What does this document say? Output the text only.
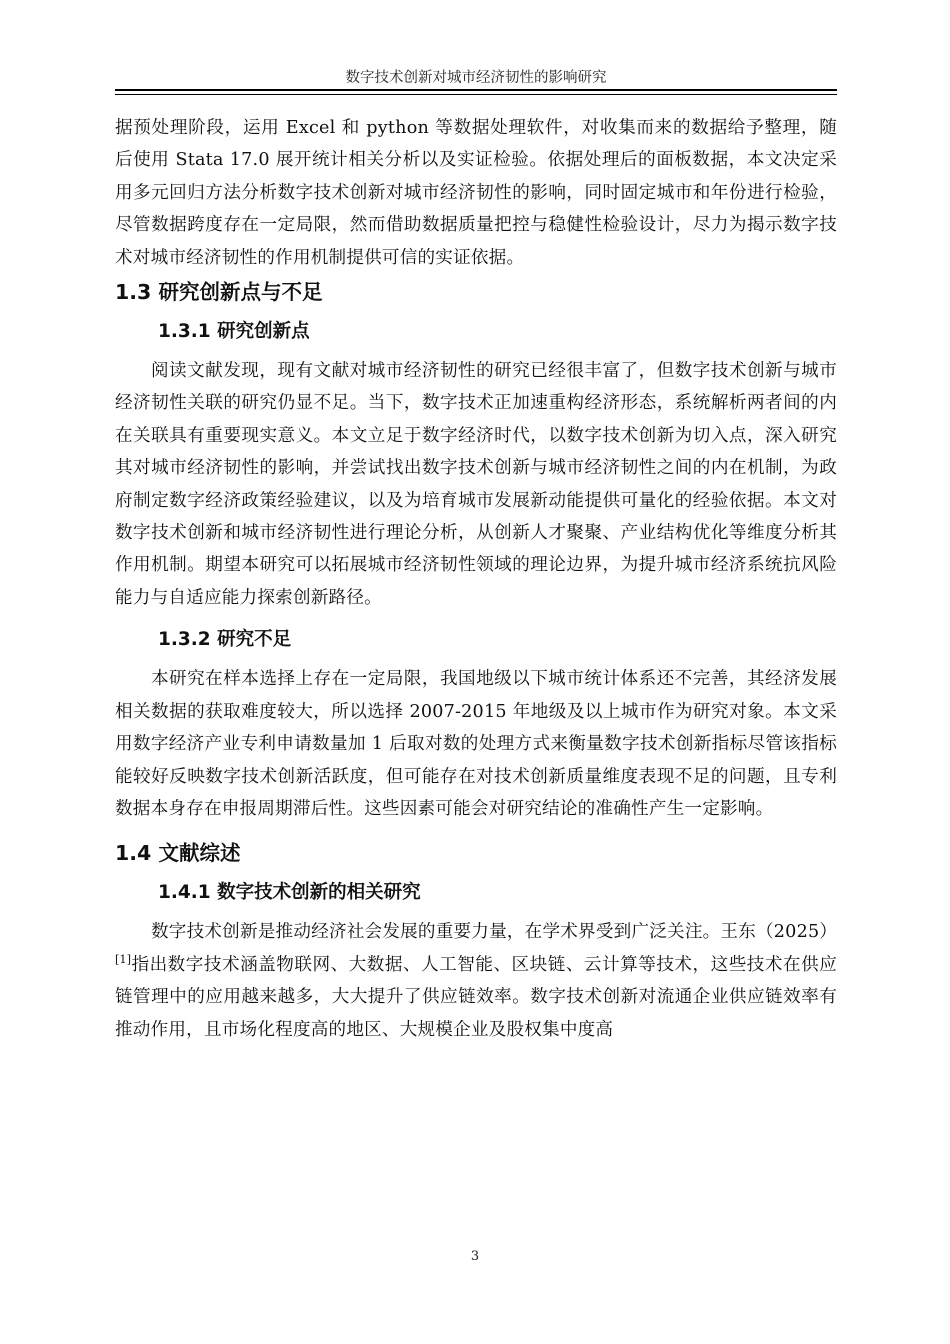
数字技术创新对城市经济韧性的影响研究

据预处理阶段，运用 Excel 和 python 等数据处理软件，对收集而来的数据给予整理，随后使用 Stata 17.0 展开统计相关分析以及实证检验。依据处理后的面板数据，本文决定采用多元回归方法分析数字技术创新对城市经济韧性的影响，同时固定城市和年份进行检验，尽管数据跨度存在一定局限，然而借助数据质量把控与稳健性检验设计，尽力为揭示数字技术对城市经济韧性的作用机制提供可信的实证依据。

1.3 研究创新点与不足
1.3.1 研究创新点

阅读文献发现，现有文献对城市经济韧性的研究已经很丰富了，但数字技术创新与城市经济韧性关联的研究仍显不足。当下，数字技术正加速重构经济形态，系统解析两者间的内在关联具有重要现实意义。本文立足于数字经济时代，以数字技术创新为切入点，深入研究其对城市经济韧性的影响，并尝试找出数字技术创新与城市经济韧性之间的内在机制，为政府制定数字经济政策经验建议，以及为培育城市发展新动能提供可量化的经验依据。本文对数字技术创新和城市经济韧性进行理论分析，从创新人才聚聚、产业结构优化等维度分析其作用机制。期望本研究可以拓展城市经济韧性领域的理论边界，为提升城市经济系统抗风险能力与自适应能力探索创新路径。

1.3.2 研究不足

本研究在样本选择上存在一定局限，我国地级以下城市统计体系还不完善，其经济发展相关数据的获取难度较大，所以选择 2007-2015 年地级及以上城市作为研究对象。本文采用数字经济产业专利申请数量加 1 后取对数的处理方式来衡量数字技术创新指标尽管该指标能较好反映数字技术创新活跃度，但可能存在对技术创新质量维度表现不足的问题，且专利数据本身存在申报周期滞后性。这些因素可能会对研究结论的准确性产生一定影响。

1.4 文献综述
1.4.1 数字技术创新的相关研究

数字技术创新是推动经济社会发展的重要力量，在学术界受到广泛关注。王东（2025）[1]指出数字技术涵盖物联网、大数据、人工智能、区块链、云计算等技术，这些技术在供应链管理中的应用越来越多，大大提升了供应链效率。数字技术创新对流通企业供应链效率有推动作用，且市场化程度高的地区、大规模企业及股权集中度高

3
